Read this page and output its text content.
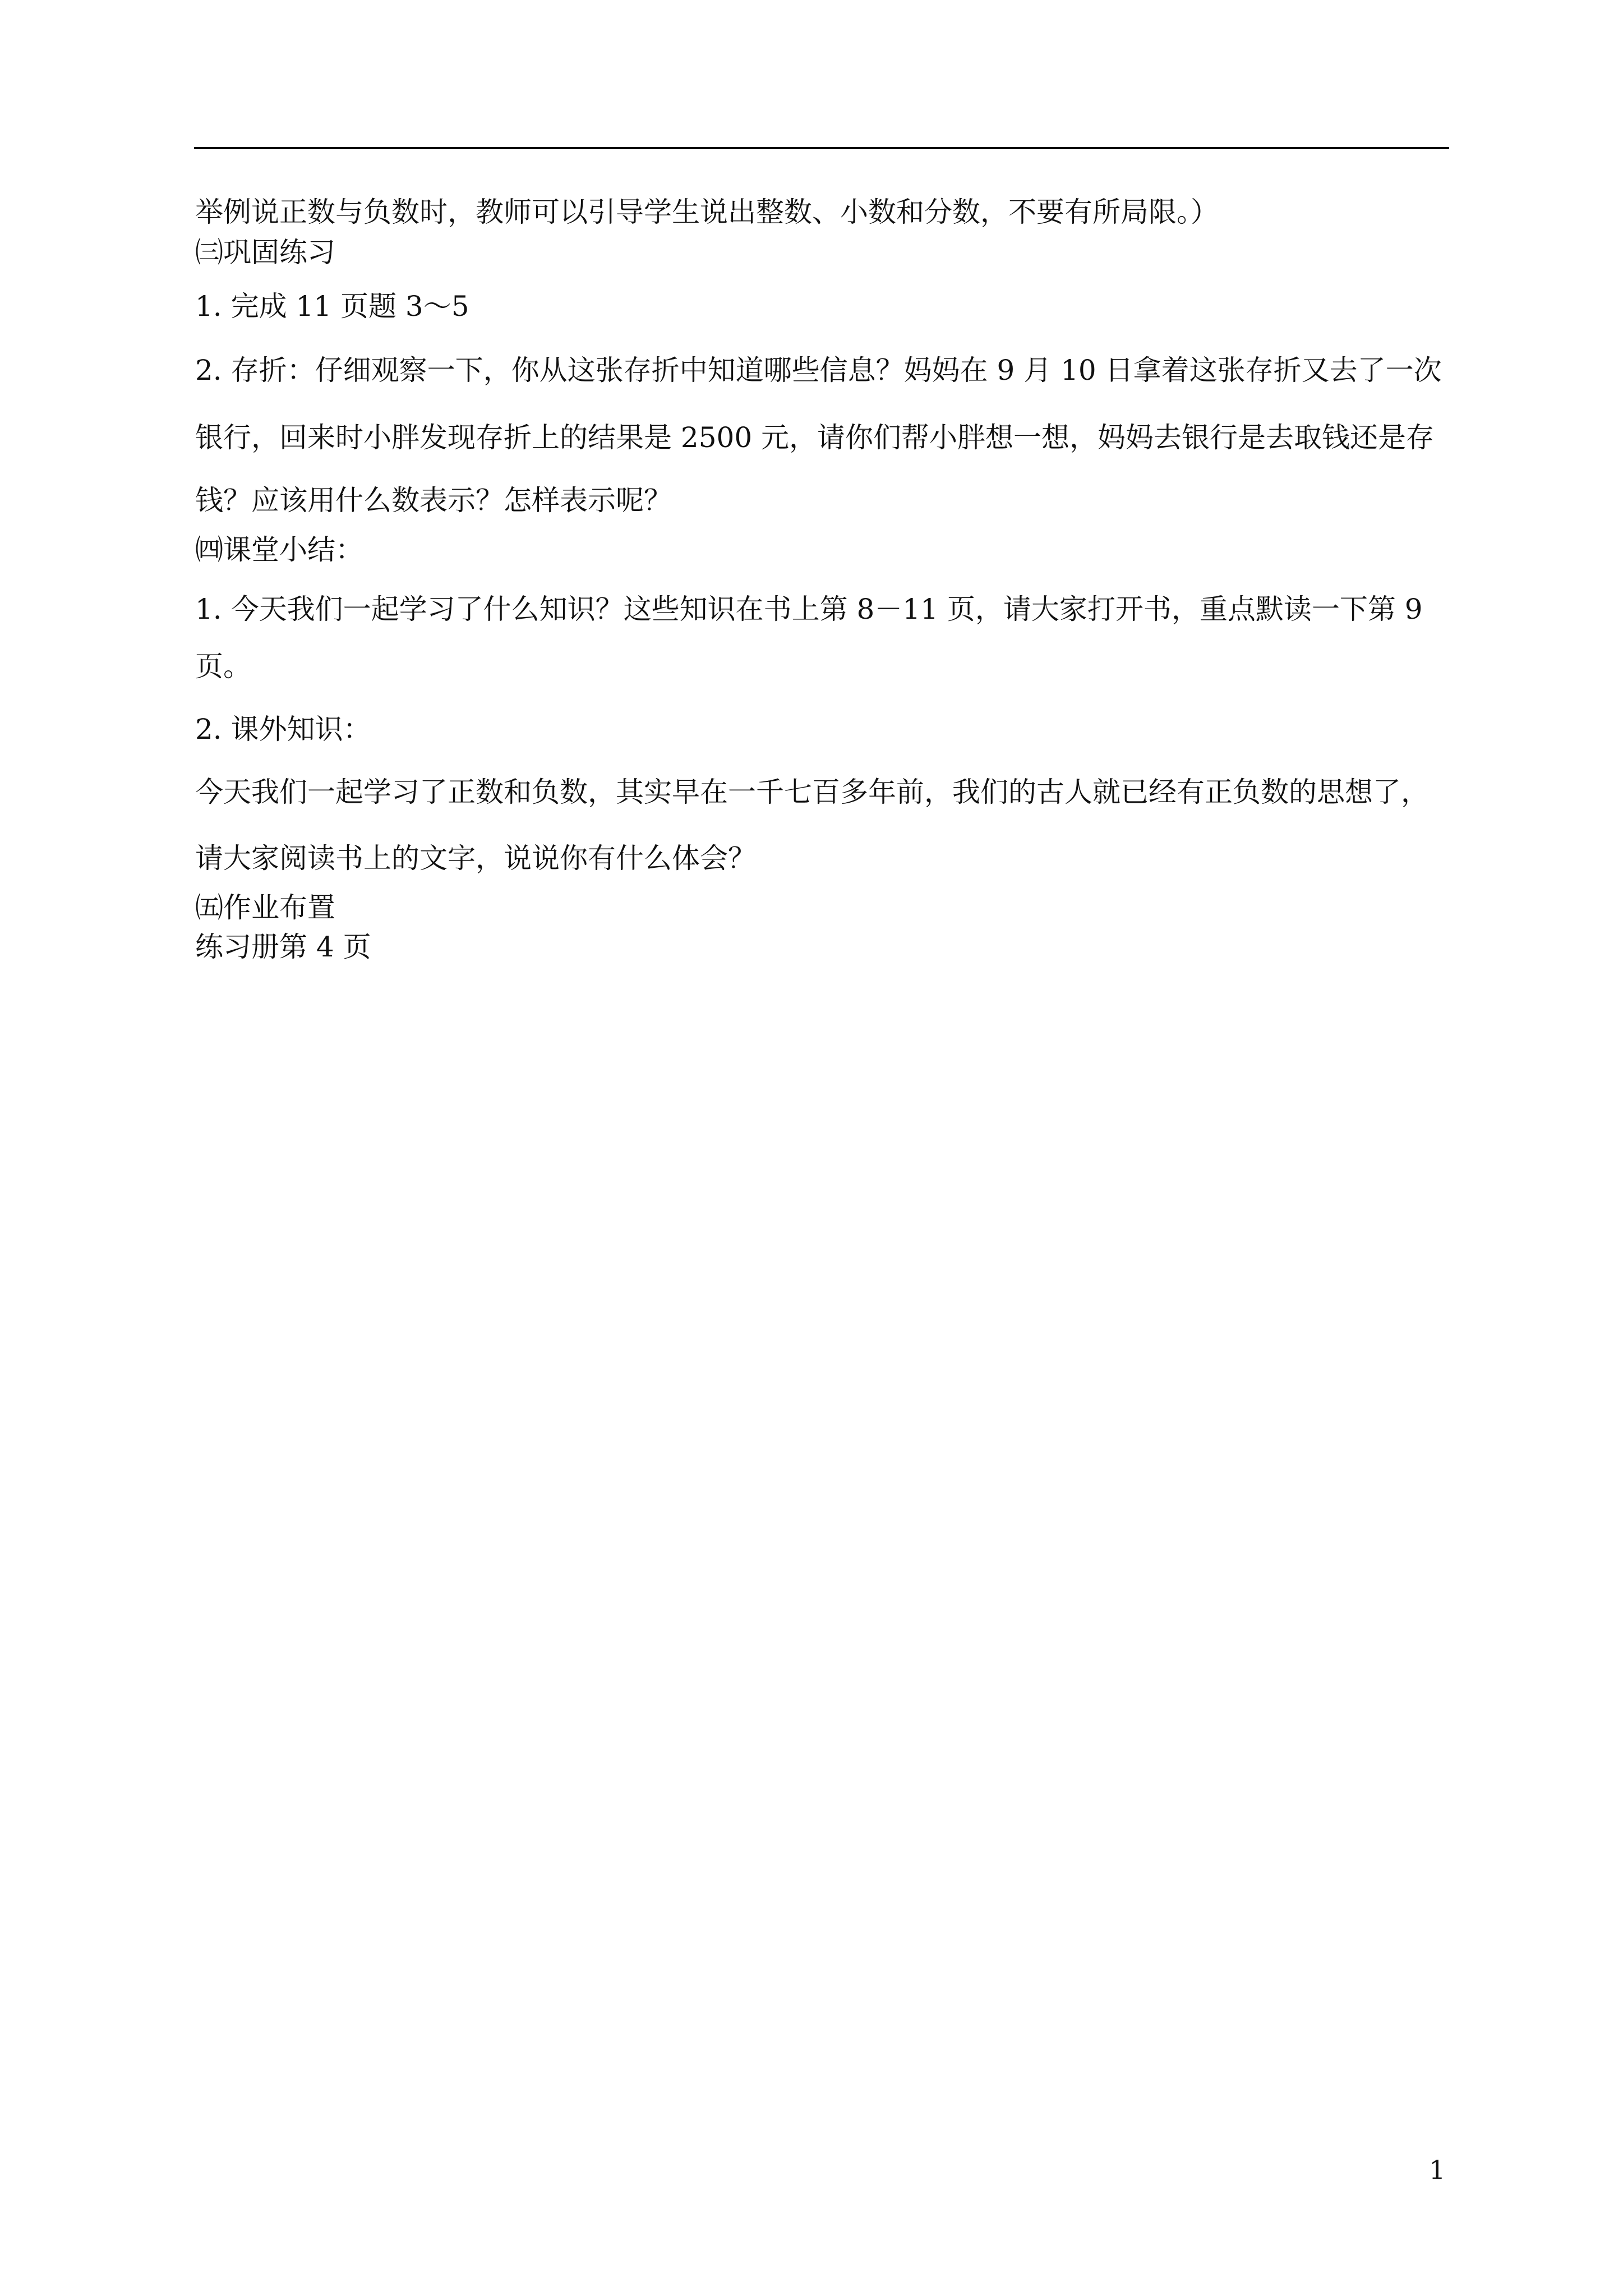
举例说正数与负数时，教师可以引导学生说出整数、小数和分数，不要有所局限。）
㈢巩固练习
1. 完成 11 页题 3～5
2. 存折：仔细观察一下，你从这张存折中知道哪些信息？妈妈在 9 月 10 日拿着这张存折又去了一次
银行，回来时小胖发现存折上的结果是 2500 元，请你们帮小胖想一想，妈妈去银行是去取钱还是存
钱？应该用什么数表示？怎样表示呢？
㈣课堂小结：
1. 今天我们一起学习了什么知识？这些知识在书上第 8－11 页，请大家打开书，重点默读一下第 9
页。
2. 课外知识：
今天我们一起学习了正数和负数，其实早在一千七百多年前，我们的古人就已经有正负数的思想了，
请大家阅读书上的文字，说说你有什么体会？
㈤作业布置
练习册第 4 页
1
